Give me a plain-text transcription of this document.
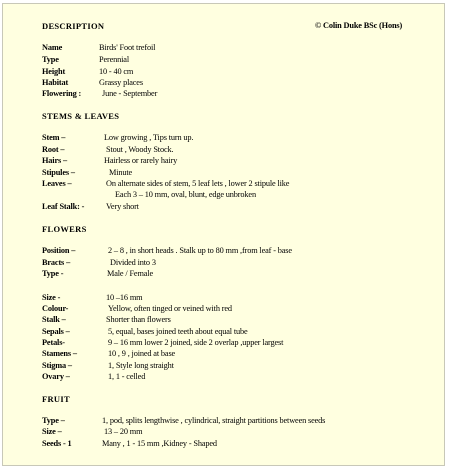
DESCRIPTION	© Colin Duke BSc (Hons)
Name	Birds' Foot trefoil
Type	Perennial
Height	10 - 40 cm
Habitat	Grassy places
Flowering :	June - September
STEMS & LEAVES
Stem –	Low growing , Tips turn up.
Root –	Stout , Woody Stock.
Hairs –	Hairless or rarely hairy
Stipules –	Minute
Leaves –	On alternate sides of stem, 5 leaf lets , lower 2 stipule like
Each 3 – 10 mm, oval, blunt, edge unbroken
Leaf Stalk: -	Very short
FLOWERS
Position –	2 – 8 , in short heads . Stalk up to 80 mm ,from leaf - base
Bracts –	Divided into 3
Type -	Male / Female
Size -	10 –16 mm
Colour-	Yellow, often tinged or veined with red
Stalk –	Shorter than flowers
Sepals –	5, equal, bases joined teeth about equal tube
Petals-	9 – 16 mm lower 2 joined, side 2 overlap ,upper largest
Stamens –	10 , 9 , joined at base
Stigma –	1, Style long straight
Ovary –	1, 1 - celled
FRUIT
Type –	1, pod, splits lengthwise , cylindrical, straight partitions between seeds
Size –	13 – 20 mm
Seeds - 1	Many , 1 - 15 mm ,Kidney - Shaped
